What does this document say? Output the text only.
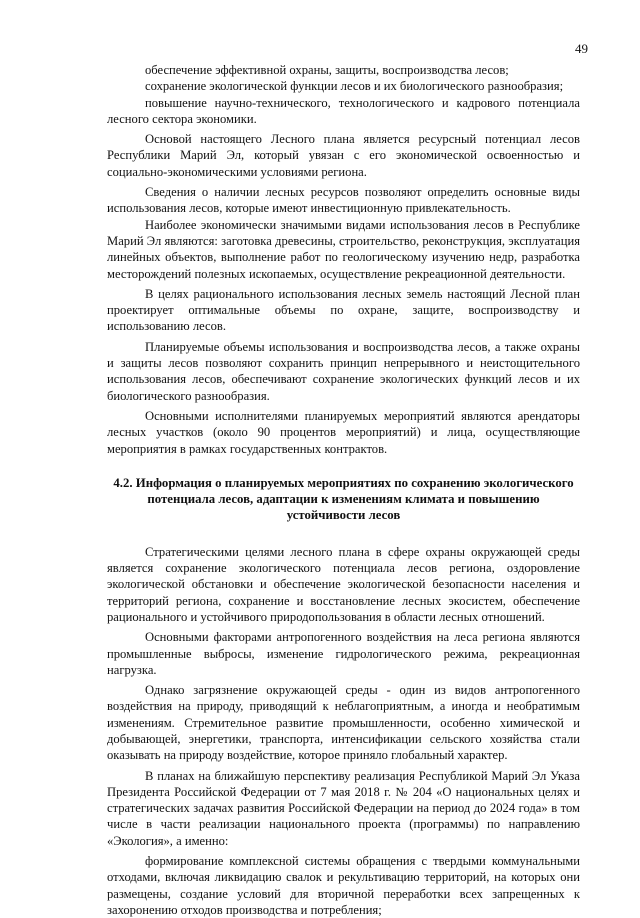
49

обеспечение эффективной охраны, защиты, воспроизводства лесов;

сохранение экологической функции лесов и их биологического разнообразия;

повышение научно-технического, технологического и кадрового потенциала лесного сектора экономики.

Основой настоящего Лесного плана является ресурсный потенциал лесов Республики Марий Эл, который увязан с его экономической освоенностью и социально-экономическими условиями региона.

Сведения о наличии лесных ресурсов позволяют определить основные виды использования лесов, которые имеют инвестиционную привлекательность.

Наиболее экономически значимыми видами использования лесов в Республике Марий Эл являются: заготовка древесины, строительство, реконструкция, эксплуатация линейных объектов, выполнение работ по геологическому изучению недр, разработка месторождений полезных ископаемых, осуществление рекреационной деятельности.

В целях рационального использования лесных земель настоящий Лесной план проектирует оптимальные объемы по охране, защите, воспроизводству и использованию лесов.

Планируемые объемы использования и воспроизводства лесов, а также охраны и защиты лесов позволяют сохранить принцип непрерывного и неистощительного использования лесов, обеспечивают сохранение экологических функций лесов и их биологического разнообразия.

Основными исполнителями планируемых мероприятий являются арендаторы лесных участков (около 90 процентов мероприятий) и лица, осуществляющие мероприятия в рамках государственных контрактов.

4.2. Информация о планируемых мероприятиях по сохранению экологического потенциала лесов, адаптации к изменениям климата и повышению устойчивости лесов

Стратегическими целями лесного плана в сфере охраны окружающей среды является сохранение экологического потенциала лесов региона, оздоровление экологической обстановки и обеспечение экологической безопасности населения и территорий региона, сохранение и восстановление лесных экосистем, обеспечение рационального и устойчивого природопользования в области лесных отношений.

Основными факторами антропогенного воздействия на леса региона являются промышленные выбросы, изменение гидрологического режима, рекреационная нагрузка.

Однако загрязнение окружающей среды - один из видов антропогенного воздействия на природу, приводящий к неблагоприятным, а иногда и необратимым изменениям. Стремительное развитие промышленности, особенно химической и добывающей, энергетики, транспорта, интенсификации сельского хозяйства стали оказывать на природу воздействие, которое приняло глобальный характер.

В планах на ближайшую перспективу реализация Республикой Марий Эл Указа Президента Российской Федерации от 7 мая 2018 г. № 204 «О национальных целях и стратегических задачах развития Российской Федерации на период до 2024 года» в том числе в части реализации национального проекта (программы) по направлению «Экология», а именно:

формирование комплексной системы обращения с твердыми коммунальными отходами, включая ликвидацию свалок и рекультивацию территорий, на которых они размещены, создание условий для вторичной переработки всех запрещенных к захоронению отходов производства и потребления;
